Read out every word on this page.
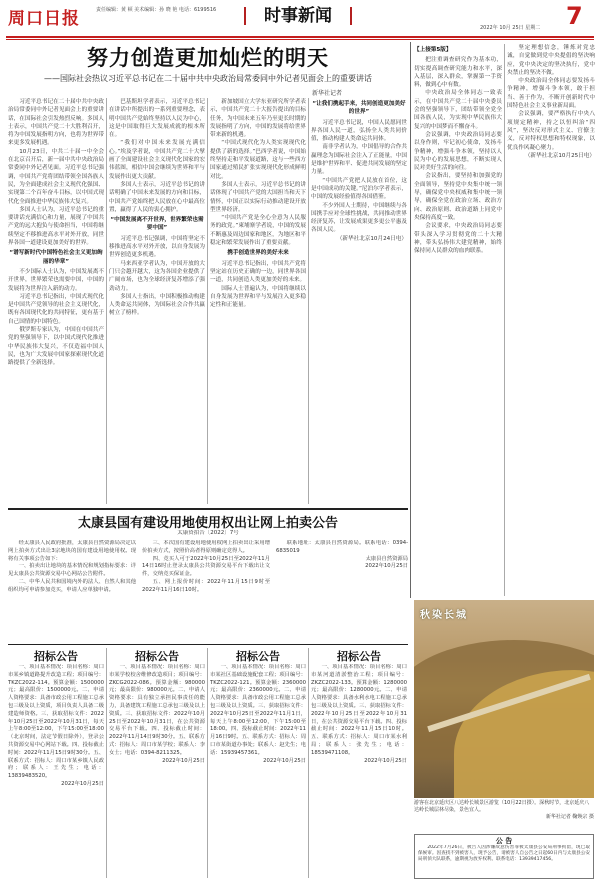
周口日报	责任编辑：黄 顿 美术编辑：孙 晓 艳 电话：6199516	时事新闻
2022年 10月 25日 星期二 7
努力创造更加灿烂的明天
——国际社会热议习近平总书记在二十届中共中央政治局常委同中外记者见面会上的重要讲话
新华社记者

习近平总书记在二十届中共中央政治局常委同中外记者见面会上的重要讲话，在国际社会引发热烈反响。多国人士表示，中国共产党二十大胜利召开，将为中国发展指明方向，也将为世界带来更多发展机遇。

10月23日，中共二十届一中全会在北京召开后，新一届中共中央政治局常委同中外记者见面。习近平总书记强调，中国共产党将团结带领全国各族人民，为全面建成社会主义现代化强国、实现第二个百年奋斗目标，以中国式现代化全面推进中华民族伟大复兴。

多国人士认为，习近平总书记的重要讲话充满信心和力量，展现了中国共产党的远大抱负与使命担当，中国将继续坚定不移推进高水平对外开放，同世界各国一道建设更加美好的世界。

“谱写新时代中国特色社会主义更加绚丽的华章”

不少国际人士认为，中国发展离不开世界，世界繁荣也需要中国，中国的发展将为世界注入新的动力。

习近平总书记指出，中国式现代化是中国共产党领导的社会主义现代化，既有各国现代化的共同特征，更有基于自己国情的中国特色。

俄罗斯专家认为，中国在中国共产党的坚强领导下，以中国式现代化推进中华民族伟大复兴，不仅造福中国人民，也为广大发展中国家探索现代化道路提供了全新选择。

巴基斯坦学者表示，习近平总书记在讲话中所提出的一系列重要理念，表明中国共产党始终坚持以人民为中心，这是中国取得巨大发展成就的根本所在。

“我们对中国未来发展充满信心。”埃及学者说，中国共产党二十大擘画了全面建设社会主义现代化国家的宏伟蓝图，相信中国会继续为世界和平与发展作出更大贡献。

多国人士表示，习近平总书记的讲话明确了中国未来发展的方向和目标，中国共产党始终把人民放在心中最高位置，赢得了人民的衷心拥护。

“中国发展离不开世界，世界繁荣也需要中国”

习近平总书记强调，中国将坚定不移推进高水平对外开放，以自身发展为世界创造更多机遇。

马来西亚学者认为，中国开放的大门只会越开越大，这为各国企业提供了广阔市场，也为全球经济复苏增添了强劲动力。

多国人士指出，中国积极推动构建人类命运共同体，为国际社会合作共赢树立了榜样。

新加坡国立大学东亚研究所学者表示，中国共产党二十大报告提出的目标任务，为中国未来五年乃至更长时期的发展指明了方向，中国的发展将给世界带来新的机遇。

“中国式现代化为人类实现现代化提供了新的选择。”巴西学者说，中国始终坚持走和平发展道路，这与一些西方国家通过殖民扩张实现现代化形成鲜明对比。

多国人士表示，习近平总书记的讲话体现了中国共产党的大国担当和天下情怀，中国正以实际行动推动建设开放型世界经济。

“中国共产党是全心全意为人民服务的政党。”柬埔寨学者说，中国的发展不断惠及周边国家和地区，为地区和平稳定和繁荣发展作出了重要贡献。

携手创造世界的美好未来

习近平总书记指出，中国共产党将坚定站在历史正确的一边，同世界各国一道，共同创造人类更加美好的未来。

国际人士普遍认为，中国将继续以自身发展为世界和平与发展注入更多稳定性和正能量。

“让我们携起手来，共同创造更加美好的世界”

习近平总书记说，中国人民愿同世界各国人民一道，弘扬全人类共同价值，推动构建人类命运共同体。

南非学者认为，中国倡导的合作共赢理念为国际社会注入了正能量，中国是维护世界和平、促进共同发展的坚定力量。

“中国共产党把人民放在首位，这是中国成功的关键。”尼泊尔学者表示，中国的发展经验值得各国借鉴。

不少外国人士期待，中国继续与各国携手应对全球性挑战，共同推动世界经济复苏，让发展成果更多更公平惠及各国人民。

（新华社北京10月24日电）

【上接第5版】

把注重调查研究作为基本功，切实提高调查研究能力和水平，深入基层，深入群众，掌握第一手资料，做到心中有数。

中央政治局全体同志一致表示，在中国共产党二十届中央委员会的坚强领导下，团结带领全党全国各族人民，为实现中华民族伟大复兴的中国梦而不懈奋斗。

会议强调，中央政治局同志要以身作则，牢记初心使命，发扬斗争精神，增强斗争本领，坚持以人民为中心的发展思想，不断实现人民对美好生活的向往。

会议指出，要坚持和加强党的全面领导，坚持党中央集中统一领导，确保党中央权威和集中统一领导，确保全党在政治立场、政治方向、政治原则、政治道路上同党中央保持高度一致。

会议要求，中央政治局同志要带头深入学习贯彻党的二十大精神，带头弘扬伟大建党精神，始终保持同人民群众的血肉联系。

坚定理想信念，锤炼对党忠诚，自觉做到党中央提倡的坚决响应，党中央决定的坚决执行，党中央禁止的坚决不做。

中央政治局全体同志要发扬斗争精神，增强斗争本领，敢于担当、善于作为，不断开创新时代中国特色社会主义事业新局面。

会议强调，要严格执行中央八项规定精神，持之以恒纠治“四风”，坚决反对形式主义、官僚主义，反对特权思想和特权现象，以优良作风凝心聚力。

（新华社北京10月25日电）

秋染长城
游客在北京延庆区八达岭长城景区游览（10月22日摄）。深秋时节，北京延庆八达岭长城层林尽染，景色宜人。
新华社记者 鞠焕宗 摄
太康县国有建设用地使用权出让网上拍卖公告
太康资拍告〔2022〕7号

经太康县人民政府批准，太康县自然资源局决定以网上拍卖方式出让3宗地块的国有建设用地使用权。现将有关事项公告如下：

一、拍卖出让地块的基本情况和规划指标要求：详见太康县公共资源交易中心网站公告附件。

二、中华人民共和国境内外的法人、自然人和其他组织均可申请参加竞买，申请人应单独申请。

三、本次国有建设用地使用权网上拍卖出让采用增价拍卖方式，按照价高者得原则确定竞得人。

四、竞买人可于2022年10月25日至2022年11月14日16时止登录太康县公共资源交易平台下载出让文件，交纳竞买保证金。

五、网上报价时间：2022年11月15日9时至2022年11月16日10时。

联系地址：太康县自然资源局。联系电话：0394-6835019

太康县自然资源局

2022年10月25日

公 告

2022年7月26日，被告人因涉嫌故意伤害罪被太康县公安局刑事拘留，现已取保候审。因查找不到被害人，现予公告，请被害人自公告之日起60日内与太康县公安局刑侦大队联系，逾期视为放弃权利。联系电话：13939417456。

招标公告

一、项目基本情况：项目名称：周口市某乡镇道路提升改造工程；项目编号：TKZC2022-114。预算金额：1500000元；最高限价：1500000元。二、申请人资格要求：具备市政公用工程施工总承包三级及以上资质，项目负责人具备二级建造师资格。三、获取招标文件：2022年10月25日至2022年10月31日，每天上午8:00至12:00，下午15:00至18:00（北京时间，法定节假日除外），登录公共资源交易中心网站下载。四、投标截止时间：2022年11月15日9时30分。五、联系方式：招标人：周口市某乡镇人民政府；联系人：王先生；电话：13839483520。

2022年10月25日

招标公告

一、项目基本情况：项目名称：周口市某学校校舍维修改造项目；项目编号：ZKCG2022-086。预算金额：980000元；最高限价：980000元。二、申请人资格要求：具有独立承担民事责任的能力，具备建筑工程施工总承包三级及以上资质。三、获取招标文件：2022年10月25日至2022年10月31日，在公共资源交易平台下载。四、投标截止时间：2022年11月14日9时30分。五、联系方式：招标人：周口市某学校；联系人：李女士；电话：0394-8211325。

2022年10月25日

招标公告

一、项目基本情况：项目名称：周口市某社区基础设施配套工程；项目编号：TKZC2022-121。预算金额：2360000元；最高限价：2360000元。二、申请人资格要求：具备市政公用工程施工总承包三级及以上资质。三、获取招标文件：2022年10月25日至2022年11月1日，每天上午8:00至12:00，下午15:00至18:00。四、投标截止时间：2022年11月16日9时。五、联系方式：招标人：周口市某街道办事处；联系人：赵先生；电话：15939457361。

2022年10月25日

招标公告

一、项目基本情况：项目名称：周口市某河道清淤整治工程；项目编号：ZKZC2022-133。预算金额：1280000元；最高限价：1280000元。二、申请人资格要求：具备水利水电工程施工总承包三级及以上资质。三、获取招标文件：2022年10月25日至2022年10月31日，在公共资源交易平台下载。四、投标截止时间：2022年11月15日10时。五、联系方式：招标人：周口市某水利局；联系人：张先生；电话：18539471108。

2022年10月25日
